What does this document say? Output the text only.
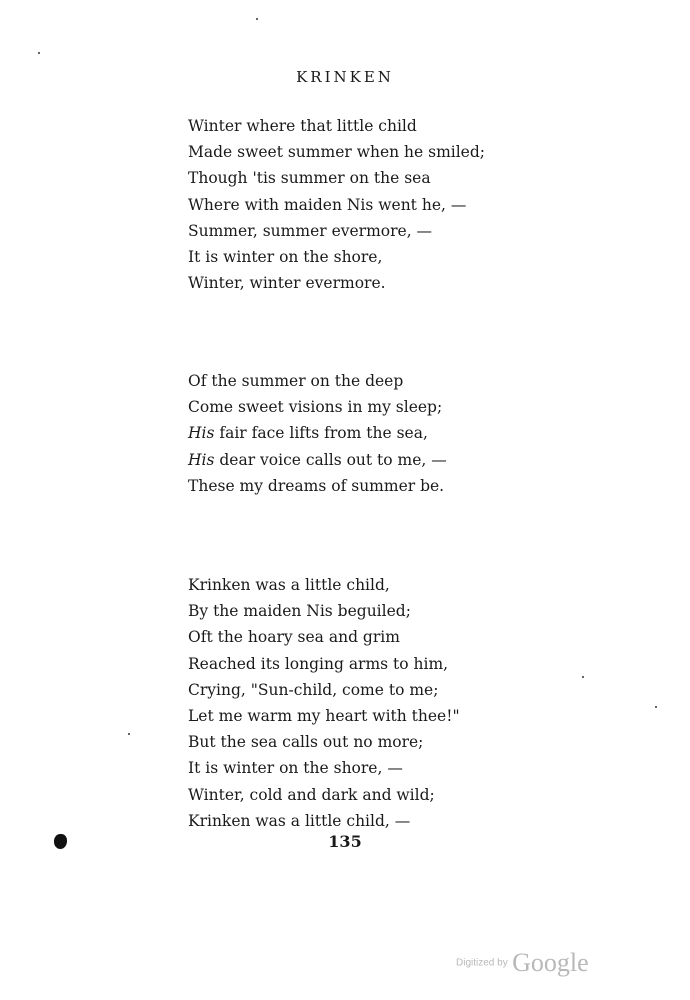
KRINKEN
Winter where that little child
Made sweet summer when he smiled;
Though 'tis summer on the sea
Where with maiden Nis went he, —
Summer, summer evermore, —
It is winter on the shore,
Winter, winter evermore.
Of the summer on the deep
Come sweet visions in my sleep;
His fair face lifts from the sea,
His dear voice calls out to me, —
These my dreams of summer be.
Krinken was a little child,
By the maiden Nis beguiled;
Oft the hoary sea and grim
Reached its longing arms to him,
Crying, "Sun-child, come to me;
Let me warm my heart with thee!"
But the sea calls out no more;
It is winter on the shore, —
Winter, cold and dark and wild;
Krinken was a little child, —
135
Digitized by Google
